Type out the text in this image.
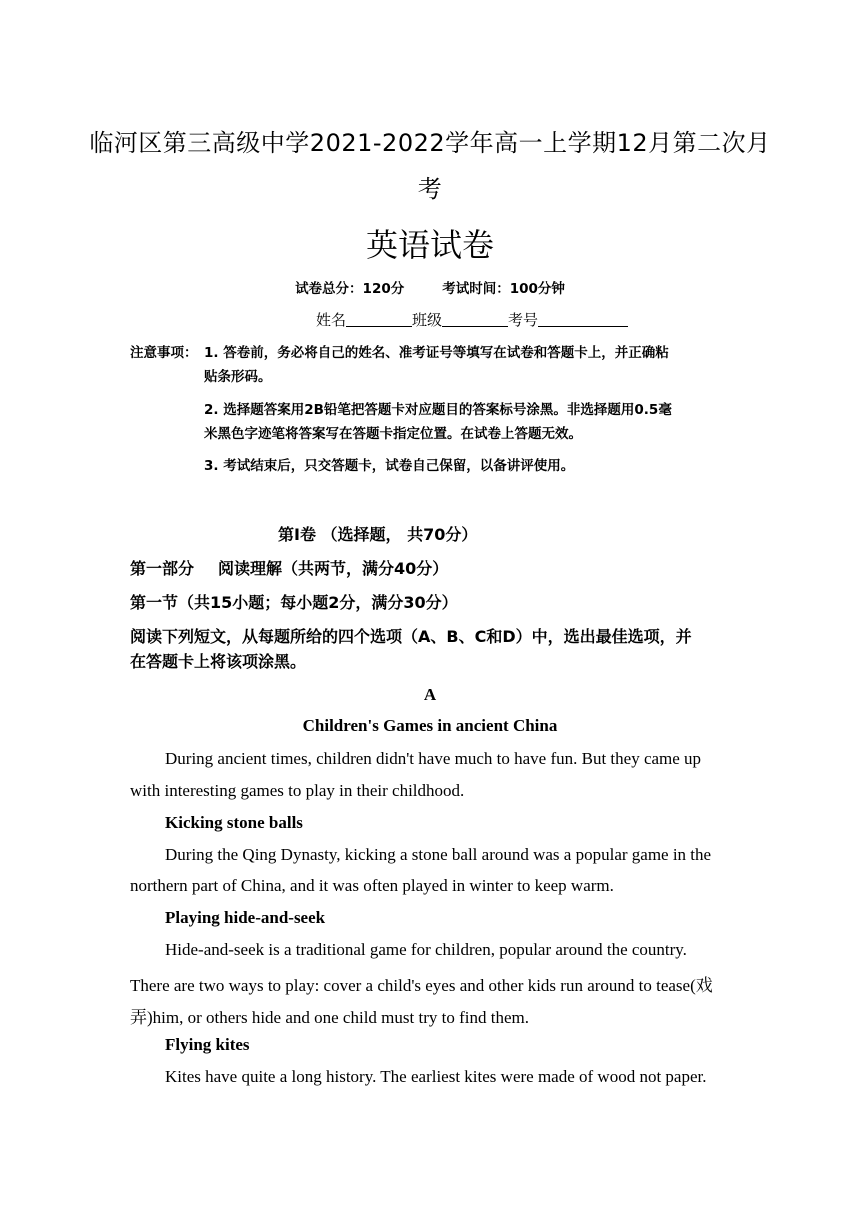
临河区第三高级中学2021-2022学年高一上学期12月第二次月
考
英语试卷
试卷总分：120分	考试时间：100分钟
姓名	班级	考号
注意事项： 1. 答卷前，务必将自己的姓名、准考证号等填写在试卷和答题卡上，并正确粘
贴条形码。
2. 选择题答案用2B铅笔把答题卡对应题目的答案标号涂黑。非选择题用0.5毫
米黑色字迹笔将答案写在答题卡指定位置。在试卷上答题无效。
3. 考试结束后，只交答题卡，试卷自己保留，以备讲评使用。
第Ⅰ卷 （选择题， 共70分）
第一部分 阅读理解（共两节，满分40分）
第一节（共15小题；每小题2分，满分30分）
阅读下列短文，从每题所给的四个选项（A、B、C和D）中，选出最佳选项，并
在答题卡上将该项涂黑。
A
Children's Games in ancient China
During ancient times, children didn't have much to have fun. But they came up
with interesting games to play in their childhood.
Kicking stone balls
During the Qing Dynasty, kicking a stone ball around was a popular game in the
northern part of China, and it was often played in winter to keep warm.
Playing hide-and-seek
Hide-and-seek is a traditional game for children, popular around the country.
There are two ways to play: cover a child's eyes and other kids run around to tease(戏
弄)him, or others hide and one child must try to find them.
Flying kites
Kites have quite a long history. The earliest kites were made of wood not paper.
